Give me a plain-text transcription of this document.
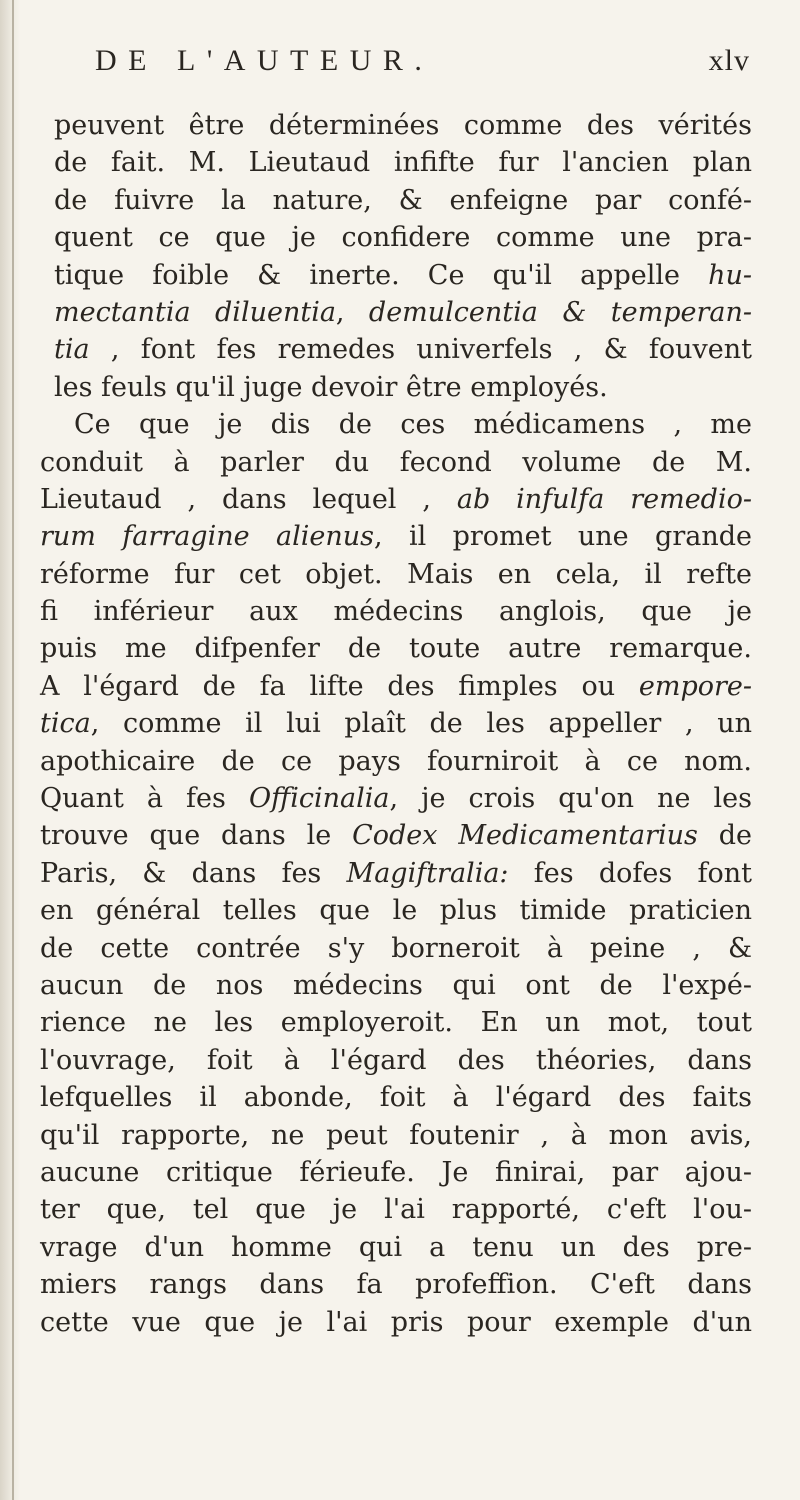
DE L'AUTEUR.	xlv
peuvent être déterminées comme des vérités
de fait. M. Lieutaud infifte fur l'ancien plan
de fuivre la nature, & enfeigne par confé-
quent ce que je confidere comme une pra-
tique foible & inerte. Ce qu'il appelle hu-
mectantia diluentia, demulcentia & temperan-
tia , font fes remedes univerfels , & fouvent
les feuls qu'il juge devoir être employés.
Ce que je dis de ces médicamens , me
conduit à parler du fecond volume de M.
Lieutaud , dans lequel , ab infulfa remedio-
rum farragine alienus, il promet une grande
réforme fur cet objet. Mais en cela, il refte
fi inférieur aux médecins anglois, que je
puis me difpenfer de toute autre remarque.
A l'égard de fa lifte des fimples ou empore-
tica, comme il lui plaît de les appeller , un
apothicaire de ce pays fourniroit à ce nom.
Quant à fes Officinalia, je crois qu'on ne les
trouve que dans le Codex Medicamentarius de
Paris, & dans fes Magiftralia: fes dofes font
en général telles que le plus timide praticien
de cette contrée s'y borneroit à peine , &
aucun de nos médecins qui ont de l'expé-
rience ne les employeroit. En un mot, tout
l'ouvrage, foit à l'égard des théories, dans
lefquelles il abonde, foit à l'égard des faits
qu'il rapporte, ne peut foutenir , à mon avis,
aucune critique férieufe. Je finirai, par ajou-
ter que, tel que je l'ai rapporté, c'eft l'ou-
vrage d'un homme qui a tenu un des pre-
miers rangs dans fa profeffion. C'eft dans
cette vue que je l'ai pris pour exemple d'un
